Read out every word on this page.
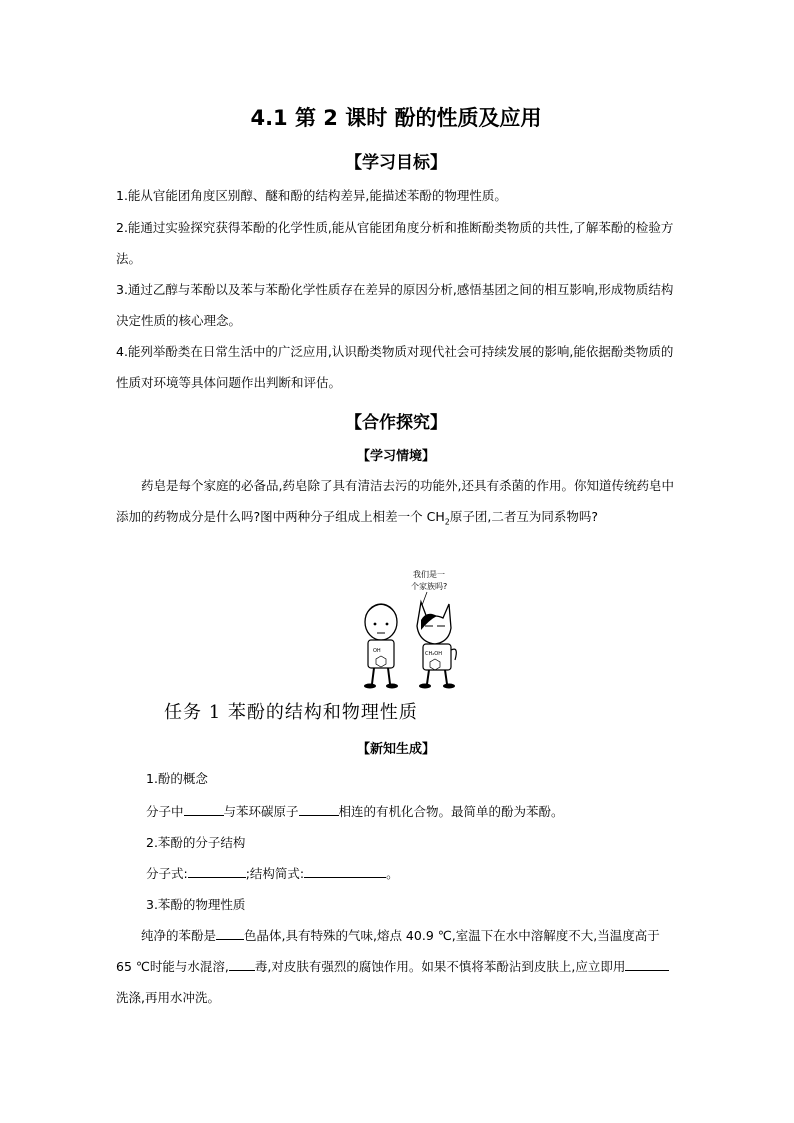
4.1 第 2 课时 酚的性质及应用
【学习目标】
1.能从官能团角度区别醇、醚和酚的结构差异,能描述苯酚的物理性质。
2.能通过实验探究获得苯酚的化学性质,能从官能团角度分析和推断酚类物质的共性,了解苯酚的检验方法。
3.通过乙醇与苯酚以及苯与苯酚化学性质存在差异的原因分析,感悟基团之间的相互影响,形成物质结构决定性质的核心理念。
4.能列举酚类在日常生活中的广泛应用,认识酚类物质对现代社会可持续发展的影响,能依据酚类物质的性质对环境等具体问题作出判断和评估。
【合作探究】
【学习情境】
药皂是每个家庭的必备品,药皂除了具有清洁去污的功能外,还具有杀菌的作用。你知道传统药皂中添加的药物成分是什么吗?图中两种分子组成上相差一个 $CH_2$原子团,二者互为同系物吗?
我们是一
个家族吗?
OH	CH₂OH
任务 1 苯酚的结构和物理性质
【新知生成】
1.酚的概念
分子中	与苯环碳原子	相连的有机化合物。最简单的酚为苯酚。
2.苯酚的分子结构
分子式:	;结构简式:	。
3.苯酚的物理性质
纯净的苯酚是 色晶体,具有特殊的气味,熔点 40.9 ℃,室温下在水中溶解度不大,当温度高于 65 ℃时能与水混溶, 毒,对皮肤有强烈的腐蚀作用。如果不慎将苯酚沾到皮肤上,应立即用洗涤,再用水冲洗。
